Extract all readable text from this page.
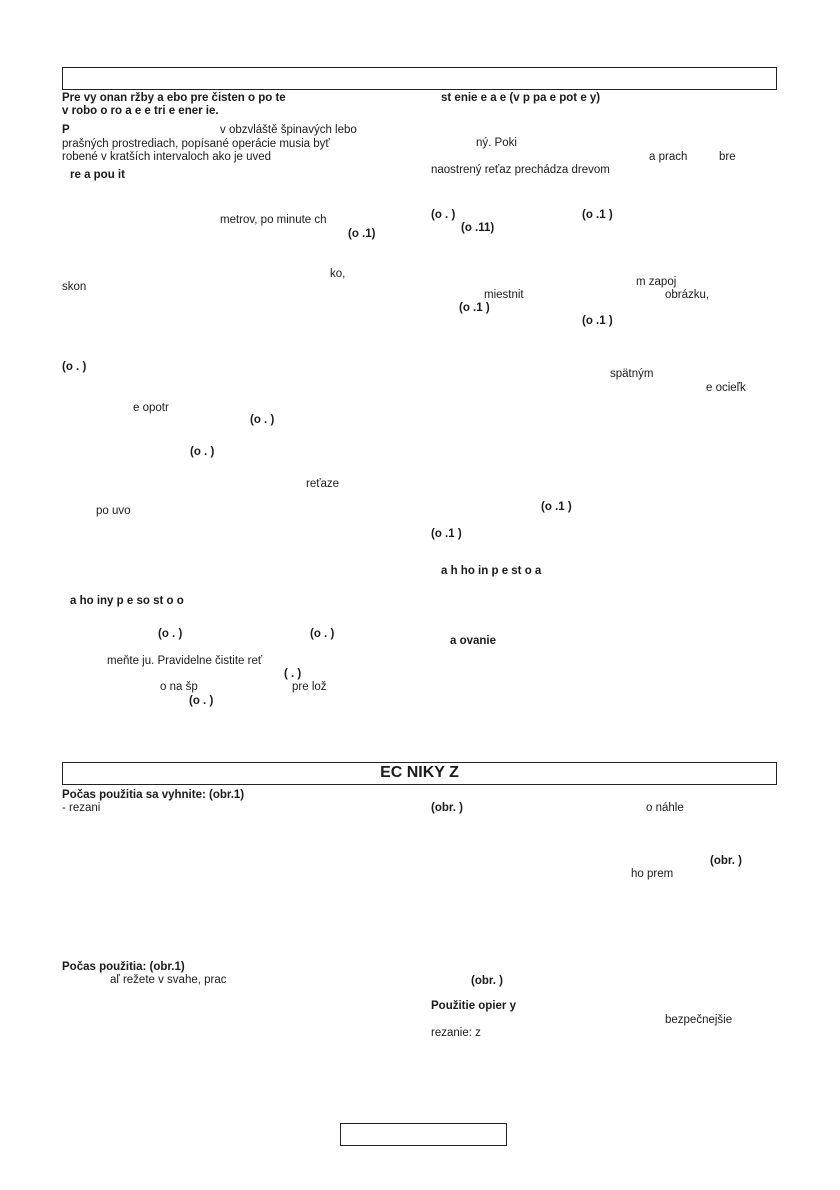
Pre vy onan ržby a ebo pre čisten o po te
v robo o ro a e e tri e ener ie.
P	v obzvláště špinavých lebo
prašných prostrediach, popísané operácie musia byť
robené v kratších intervaloch ako je uved
re a pou it
metrov, po minute ch
(o .1)
ko,
skon
(o . )
e opotr
(o . )
(o . )
reťaze
po uvo
a ho iny p e so st o o
(o . )	(o . )
meňte ju. Pravidelne čistite reť
( . )
o na šp	pre lož
(o . )
st enie e a e (v p pa e pot e y)
ný. Poki
a prach	bre
naostrený reťaz prechádza drevom
(o . )	(o .1 )
(o .11)
m zapoj
miestnit	obrázku,
(o .1 )
(o .1 )
spätným
e ocieľk
(o .1 )
(o .1 )
a h ho in p e st o a
a ovanie
EC NIKY Z
Počas použitia sa vyhnite: (obr.1)
- rezani
Počas použitia: (obr.1)
aľ režete v svahe, prac
(obr. )	o náhle
(obr. )
ho prem
(obr. )
Použitie opier y
bezpečnejšie
rezanie: z
